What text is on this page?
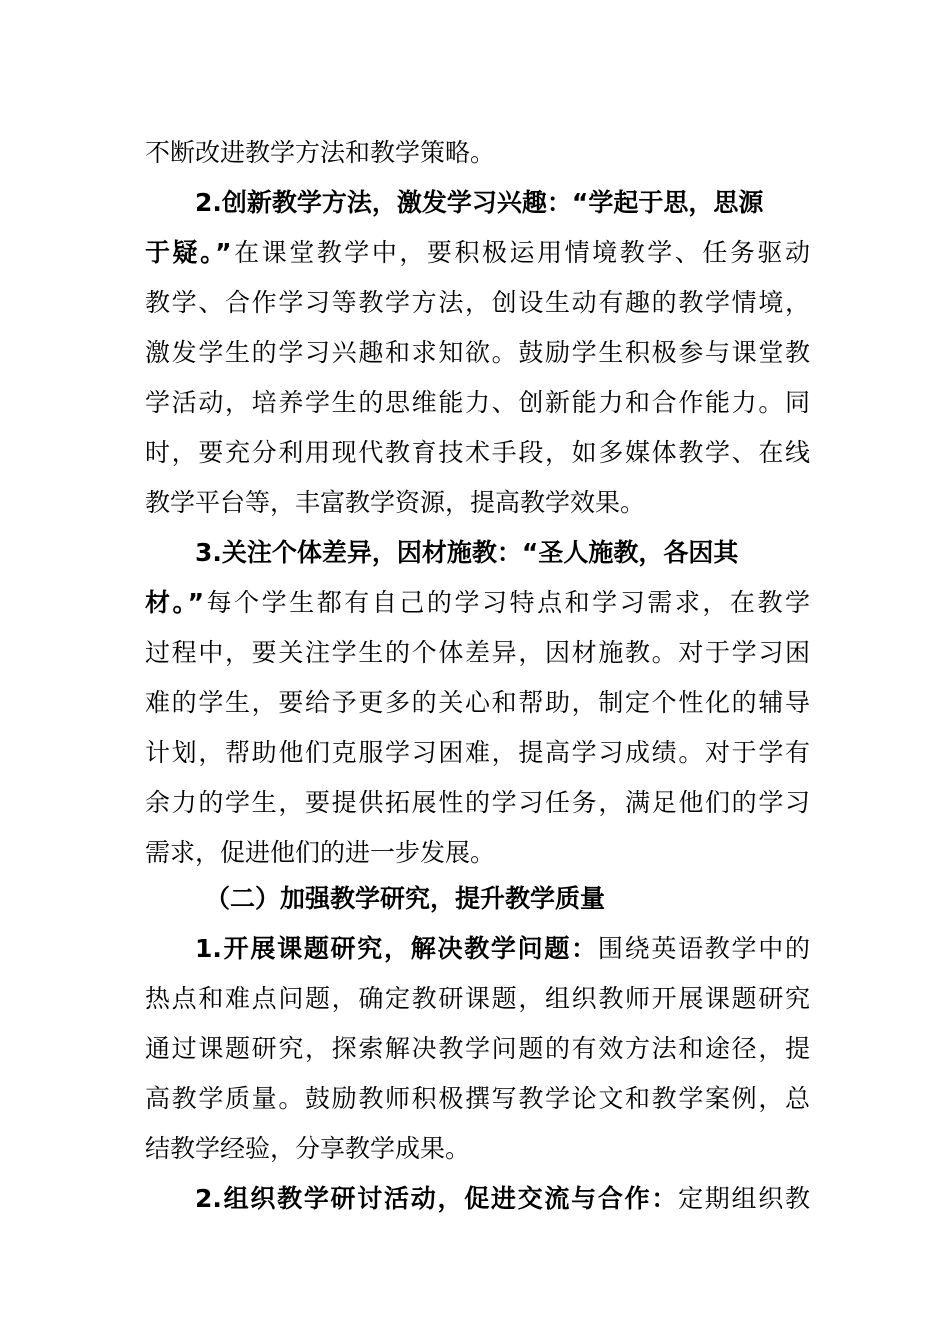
不断改进教学方法和教学策略。
2.创新教学方法，激发学习兴趣：“学起于思，思源
于疑。”在课堂教学中，要积极运用情境教学、任务驱动
教学、合作学习等教学方法，创设生动有趣的教学情境，
激发学生的学习兴趣和求知欲。鼓励学生积极参与课堂教
学活动，培养学生的思维能力、创新能力和合作能力。同
时，要充分利用现代教育技术手段，如多媒体教学、在线
教学平台等，丰富教学资源，提高教学效果。
3.关注个体差异，因材施教：“圣人施教，各因其
材。”每个学生都有自己的学习特点和学习需求，在教学
过程中，要关注学生的个体差异，因材施教。对于学习困
难的学生，要给予更多的关心和帮助，制定个性化的辅导
计划，帮助他们克服学习困难，提高学习成绩。对于学有
余力的学生，要提供拓展性的学习任务，满足他们的学习
需求，促进他们的进一步发展。
（二）加强教学研究，提升教学质量
1.开展课题研究，解决教学问题：围绕英语教学中的
热点和难点问题，确定教研课题，组织教师开展课题研究
通过课题研究，探索解决教学问题的有效方法和途径，提
高教学质量。鼓励教师积极撰写教学论文和教学案例，总
结教学经验，分享教学成果。
2.组织教学研讨活动，促进交流与合作：定期组织教
